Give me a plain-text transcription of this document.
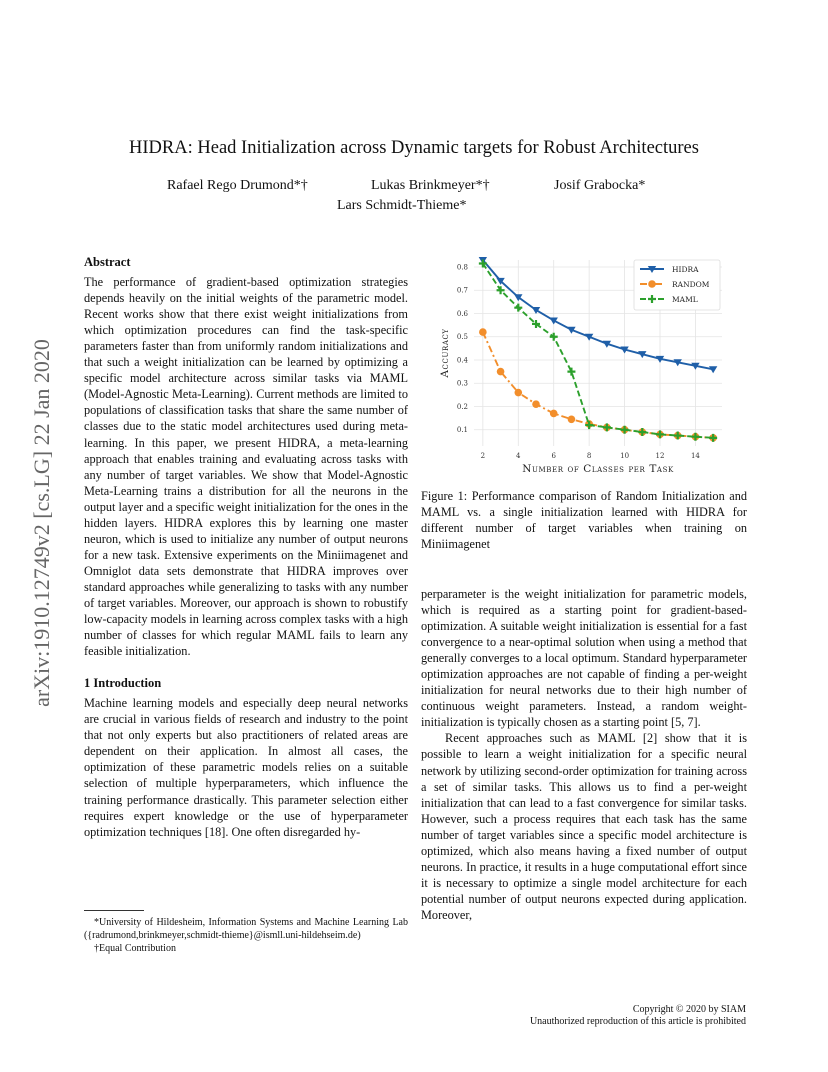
HIDRA: Head Initialization across Dynamic targets for Robust Architectures
Rafael Rego Drumond*†	Lukas Brinkmeyer*†	Josif Grabocka*
Lars Schmidt-Thieme*
arXiv:1910.12749v2 [cs.LG] 22 Jan 2020

Abstract

The performance of gradient-based optimization strategies depends heavily on the initial weights of the parametric model. Recent works show that there exist weight initializations from which optimization procedures can find the task-specific parameters faster than from uniformly random initializations and that such a weight initialization can be learned by optimizing a specific model architecture across similar tasks via MAML (Model-Agnostic Meta-Learning). Current methods are limited to populations of classification tasks that share the same number of classes due to the static model architectures used during meta-learning. In this paper, we present HIDRA, a meta-learning approach that enables training and evaluating across tasks with any number of target variables. We show that Model-Agnostic Meta-Learning trains a distribution for all the neurons in the output layer and a specific weight initialization for the ones in the hidden layers. HIDRA explores this by learning one master neuron, which is used to initialize any number of output neurons for a new task. Extensive experiments on the Miniimagenet and Omniglot data sets demonstrate that HIDRA improves over standard approaches while generalizing to tasks with any number of target variables. Moreover, our approach is shown to robustify low-capacity models in learning across complex tasks with a high number of classes for which regular MAML fails to learn any feasible initialization.

1 Introduction

Machine learning models and especially deep neural networks are crucial in various fields of research and industry to the point that not only experts but also practitioners of related areas are dependent on their application. In almost all cases, the optimization of these parametric models relies on a suitable selection of multiple hyperparameters, which influence the training performance drastically. This parameter selection either requires expert knowledge or the use of hyperparameter optimization techniques [18]. One often disregarded hy-

*University of Hildesheim, Information Systems and Machine Learning Lab ({radrumond,brinkmeyer,schmidt-thieme}@ismll.uni-hildehseim.de)
†Equal Contribution
2	4	6	8	10	12	14
0.1
0.2
0.3
0.4
0.5
0.6
0.7
0.8
Number of Classes per Task
Accuracy
HIDRA
RANDOM
MAML
Figure 1: Performance comparison of Random Initialization and MAML vs. a single initialization learned with HIDRA for different number of target variables when training on Miniimagenet

perparameter is the weight initialization for parametric models, which is required as a starting point for gradient-based-optimization. A suitable weight initialization is essential for a fast convergence to a near-optimal solution when using a method that generally converges to a local optimum. Standard hyperparameter optimization approaches are not capable of finding a per-weight initialization for neural networks due to their high number of continuous weight parameters. Instead, a random weight-initialization is typically chosen as a starting point [5, 7].

Recent approaches such as MAML [2] show that it is possible to learn a weight initialization for a specific neural network by utilizing second-order optimization for training across a set of similar tasks. This allows us to find a per-weight initialization that can lead to a fast convergence for similar tasks. However, such a process requires that each task has the same number of target variables since a specific model architecture is optimized, which also means having a fixed number of output neurons. In practice, it results in a huge computational effort since it is necessary to optimize a single model architecture for each potential number of output neurons expected during application. Moreover,

Copyright © 2020 by SIAM
Unauthorized reproduction of this article is prohibited
